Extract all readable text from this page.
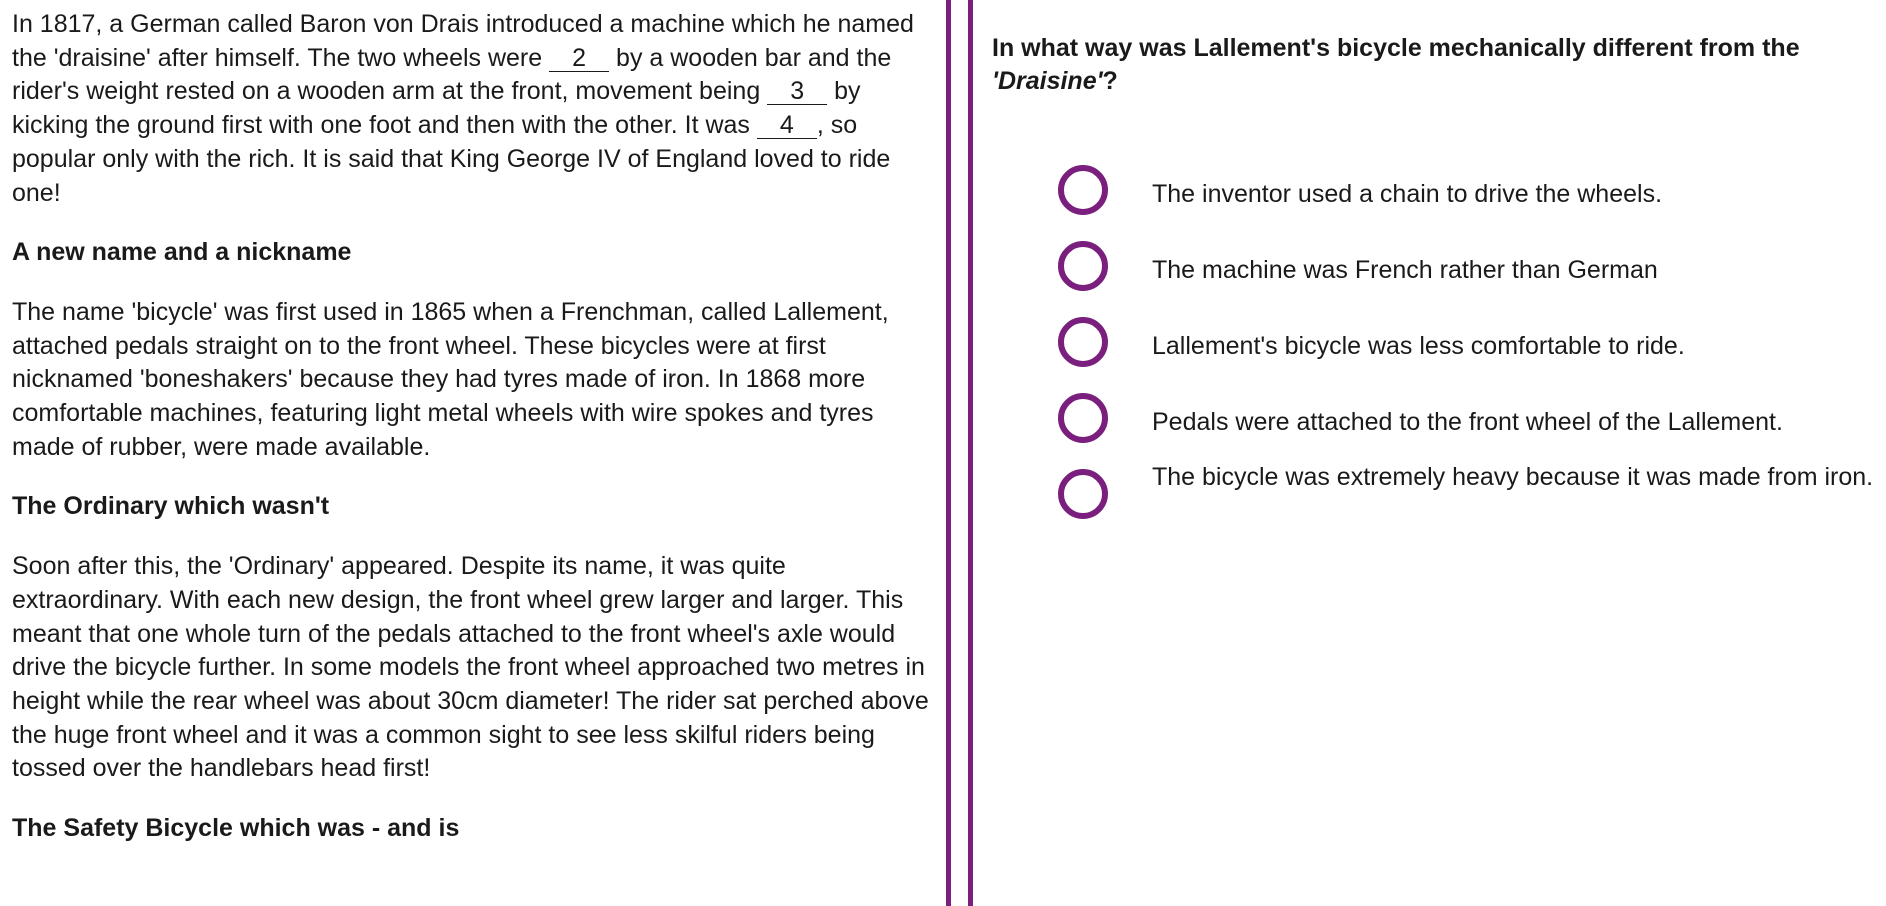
In 1817, a German called Baron von Drais introduced a machine which he named the 'draisine' after himself. The two wheels were 2 by a wooden bar and the rider's weight rested on a wooden arm at the front, movement being 3 by kicking the ground first with one foot and then with the other. It was 4 , so popular only with the rich. It is said that King George IV of England loved to ride one!

A new name and a nickname

The name 'bicycle' was first used in 1865 when a Frenchman, called Lallement, attached pedals straight on to the front wheel. These bicycles were at first nicknamed 'boneshakers' because they had tyres made of iron. In 1868 more comfortable machines, featuring light metal wheels with wire spokes and tyres made of rubber, were made available.

The Ordinary which wasn't

Soon after this, the 'Ordinary' appeared. Despite its name, it was quite extraordinary. With each new design, the front wheel grew larger and larger. This meant that one whole turn of the pedals attached to the front wheel's axle would drive the bicycle further. In some models the front wheel approached two metres in height while the rear wheel was about 30cm diameter! The rider sat perched above the huge front wheel and it was a common sight to see less skilful riders being tossed over the handlebars head first!

The Safety Bicycle which was - and is
In what way was Lallement's bicycle mechanically different from the 'Draisine'?
The inventor used a chain to drive the wheels.
The machine was French rather than German
Lallement's bicycle was less comfortable to ride.
Pedals were attached to the front wheel of the Lallement.
The bicycle was extremely heavy because it was made from iron.
